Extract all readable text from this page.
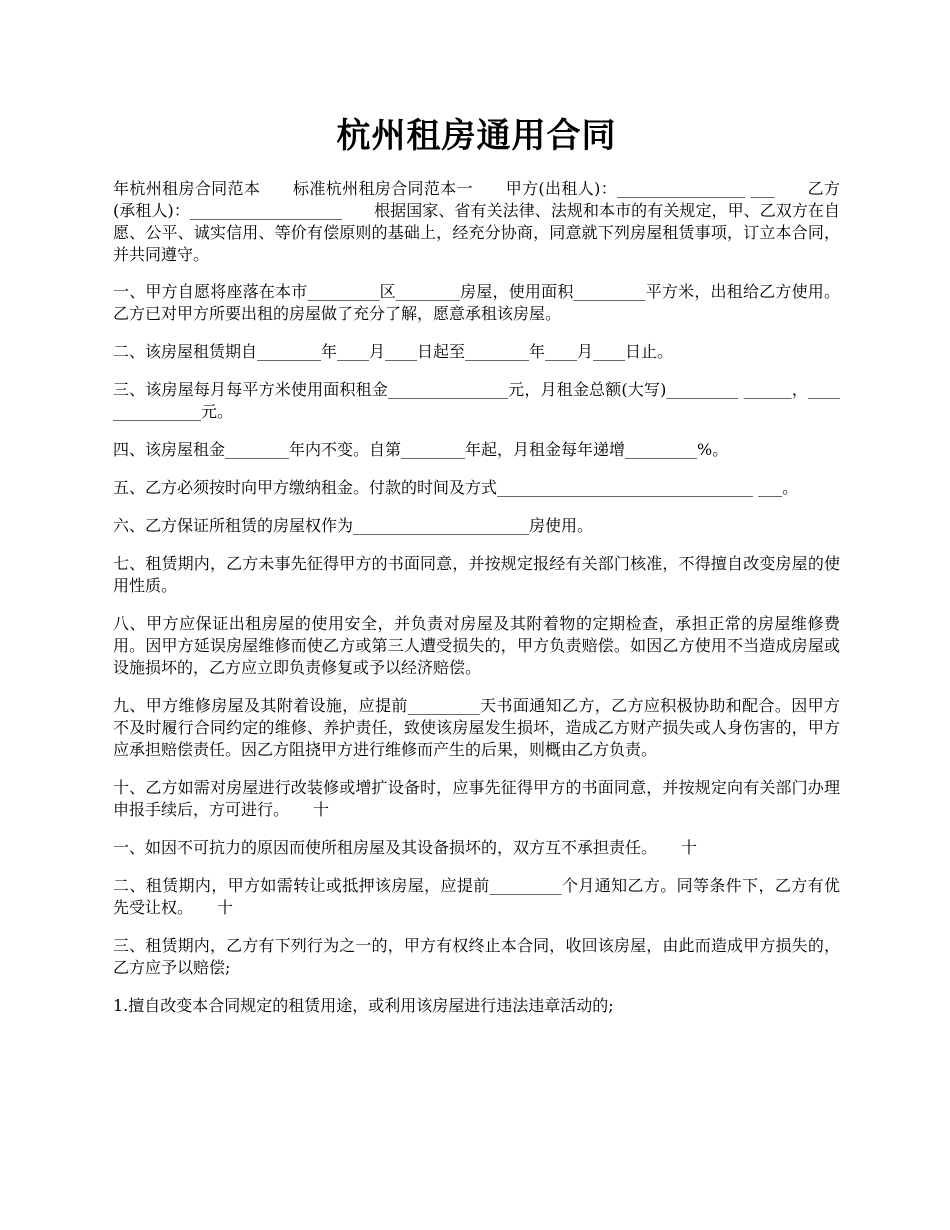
杭州租房通用合同

年杭州租房合同范本　　标准杭州租房合同范本一　　甲方(出租人)：________________ ___　　乙方(承租人)：___________________　　根据国家、省有关法律、法规和本市的有关规定，甲、乙双方在自愿、公平、诚实信用、等价有偿原则的基础上，经充分协商，同意就下列房屋租赁事项，订立本合同，并共同遵守。

一、甲方自愿将座落在本市_________区________房屋，使用面积_________平方米，出租给乙方使用。乙方已对甲方所要出租的房屋做了充分了解，愿意承租该房屋。

二、该房屋租赁期自________年____月____日起至________年____月____日止。

三、该房屋每月每平方米使用面积租金_______________元，月租金总额(大写)_________ ______，_______________元。

四、该房屋租金________年内不变。自第________年起，月租金每年递增_________%。

五、乙方必须按时向甲方缴纳租金。付款的时间及方式________________________________ ___。

六、乙方保证所租赁的房屋权作为______________________房使用。

七、租赁期内，乙方未事先征得甲方的书面同意，并按规定报经有关部门核准，不得擅自改变房屋的使用性质。

八、甲方应保证出租房屋的使用安全，并负责对房屋及其附着物的定期检查，承担正常的房屋维修费用。因甲方延误房屋维修而使乙方或第三人遭受损失的，甲方负责赔偿。如因乙方使用不当造成房屋或设施损坏的，乙方应立即负责修复或予以经济赔偿。

九、甲方维修房屋及其附着设施，应提前_________天书面通知乙方，乙方应积极协助和配合。因甲方不及时履行合同约定的维修、养护责任，致使该房屋发生损坏，造成乙方财产损失或人身伤害的，甲方应承担赔偿责任。因乙方阻挠甲方进行维修而产生的后果，则概由乙方负责。

十、乙方如需对房屋进行改装修或增扩设备时，应事先征得甲方的书面同意，并按规定向有关部门办理申报手续后，方可进行。　　十

一、如因不可抗力的原因而使所租房屋及其设备损坏的，双方互不承担责任。　　十

二、租赁期内，甲方如需转让或抵押该房屋，应提前_________个月通知乙方。同等条件下，乙方有优先受让权。　　十

三、租赁期内，乙方有下列行为之一的，甲方有权终止本合同，收回该房屋，由此而造成甲方损失的，乙方应予以赔偿;

1.擅自改变本合同规定的租赁用途，或利用该房屋进行违法违章活动的;
